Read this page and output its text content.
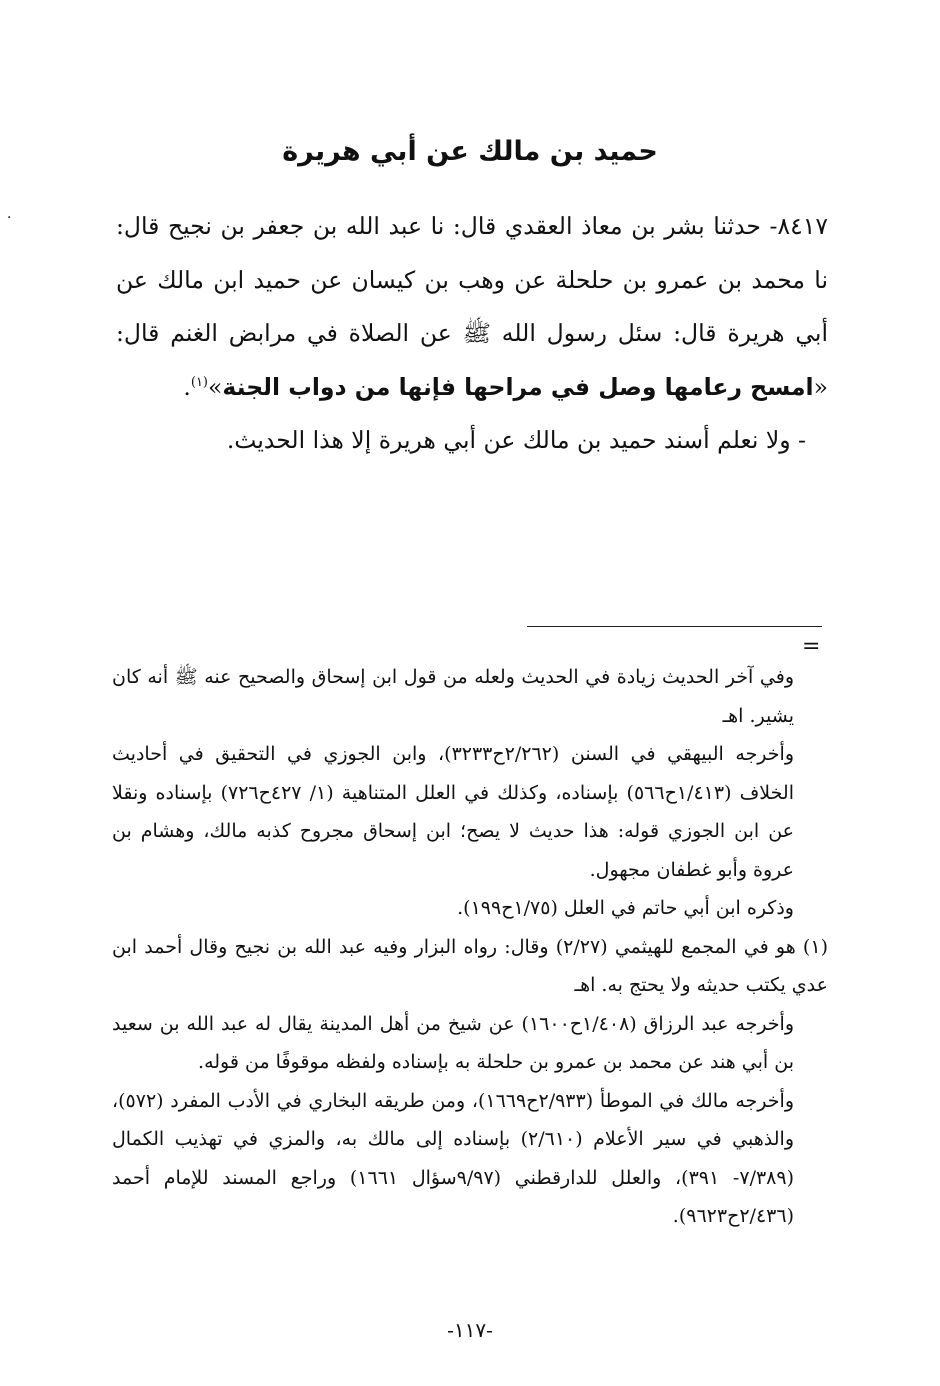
·
حميد بن مالك عن أبي هريرة

٨٤١٧- حدثنا بشر بن معاذ العقدي قال: نا عبد الله بن جعفر بن نجيح قال: نا محمد بن عمرو بن حلحلة عن وهب بن كيسان عن حميد ابن مالك عن أبي هريرة قال: سئل رسول الله ﷺ عن الصلاة في مرابض الغنم قال: «امسح رعامها وصل في مراحها فإنها من دواب الجنة»$^{(١)}$.

- ولا نعلم أسند حميد بن مالك عن أبي هريرة إلا هذا الحديث.

=

وفي آخر الحديث زيادة في الحديث ولعله من قول ابن إسحاق والصحيح عنه ﷺ أنه كان يشير. اهـ

وأخرجه البيهقي في السنن (٢/٢٦٢ح٣٢٣٣)، وابن الجوزي في التحقيق في أحاديث الخلاف (١/٤١٣ح٥٦٦) بإسناده، وكذلك في العلل المتناهية (١/ ٤٢٧ح٧٢٦) بإسناده ونقلا عن ابن الجوزي قوله: هذا حديث لا يصح؛ ابن إسحاق مجروح كذبه مالك، وهشام بن عروة وأبو غطفان مجهول.

وذكره ابن أبي حاتم في العلل (١/٧٥ح١٩٩).

(١) هو في المجمع للهيثمي (٢/٢٧) وقال: رواه البزار وفيه عبد الله بن نجيح وقال أحمد ابن عدي يكتب حديثه ولا يحتج به. اهـ

وأخرجه عبد الرزاق (١/٤٠٨ح١٦٠٠) عن شيخ من أهل المدينة يقال له عبد الله بن سعيد بن أبي هند عن محمد بن عمرو بن حلحلة به بإسناده ولفظه موقوفًا من قوله.

وأخرجه مالك في الموطأ (٢/٩٣٣ح١٦٦٩)، ومن طريقه البخاري في الأدب المفرد (٥٧٢)، والذهبي في سير الأعلام (٢/٦١٠) بإسناده إلى مالك به، والمزي في تهذيب الكمال (٧/٣٨٩- ٣٩١)، والعلل للدارقطني (٩/٩٧سؤال ١٦٦١) وراجع المسند للإمام أحمد (٢/٤٣٦ح٩٦٢٣).

-١١٧-
